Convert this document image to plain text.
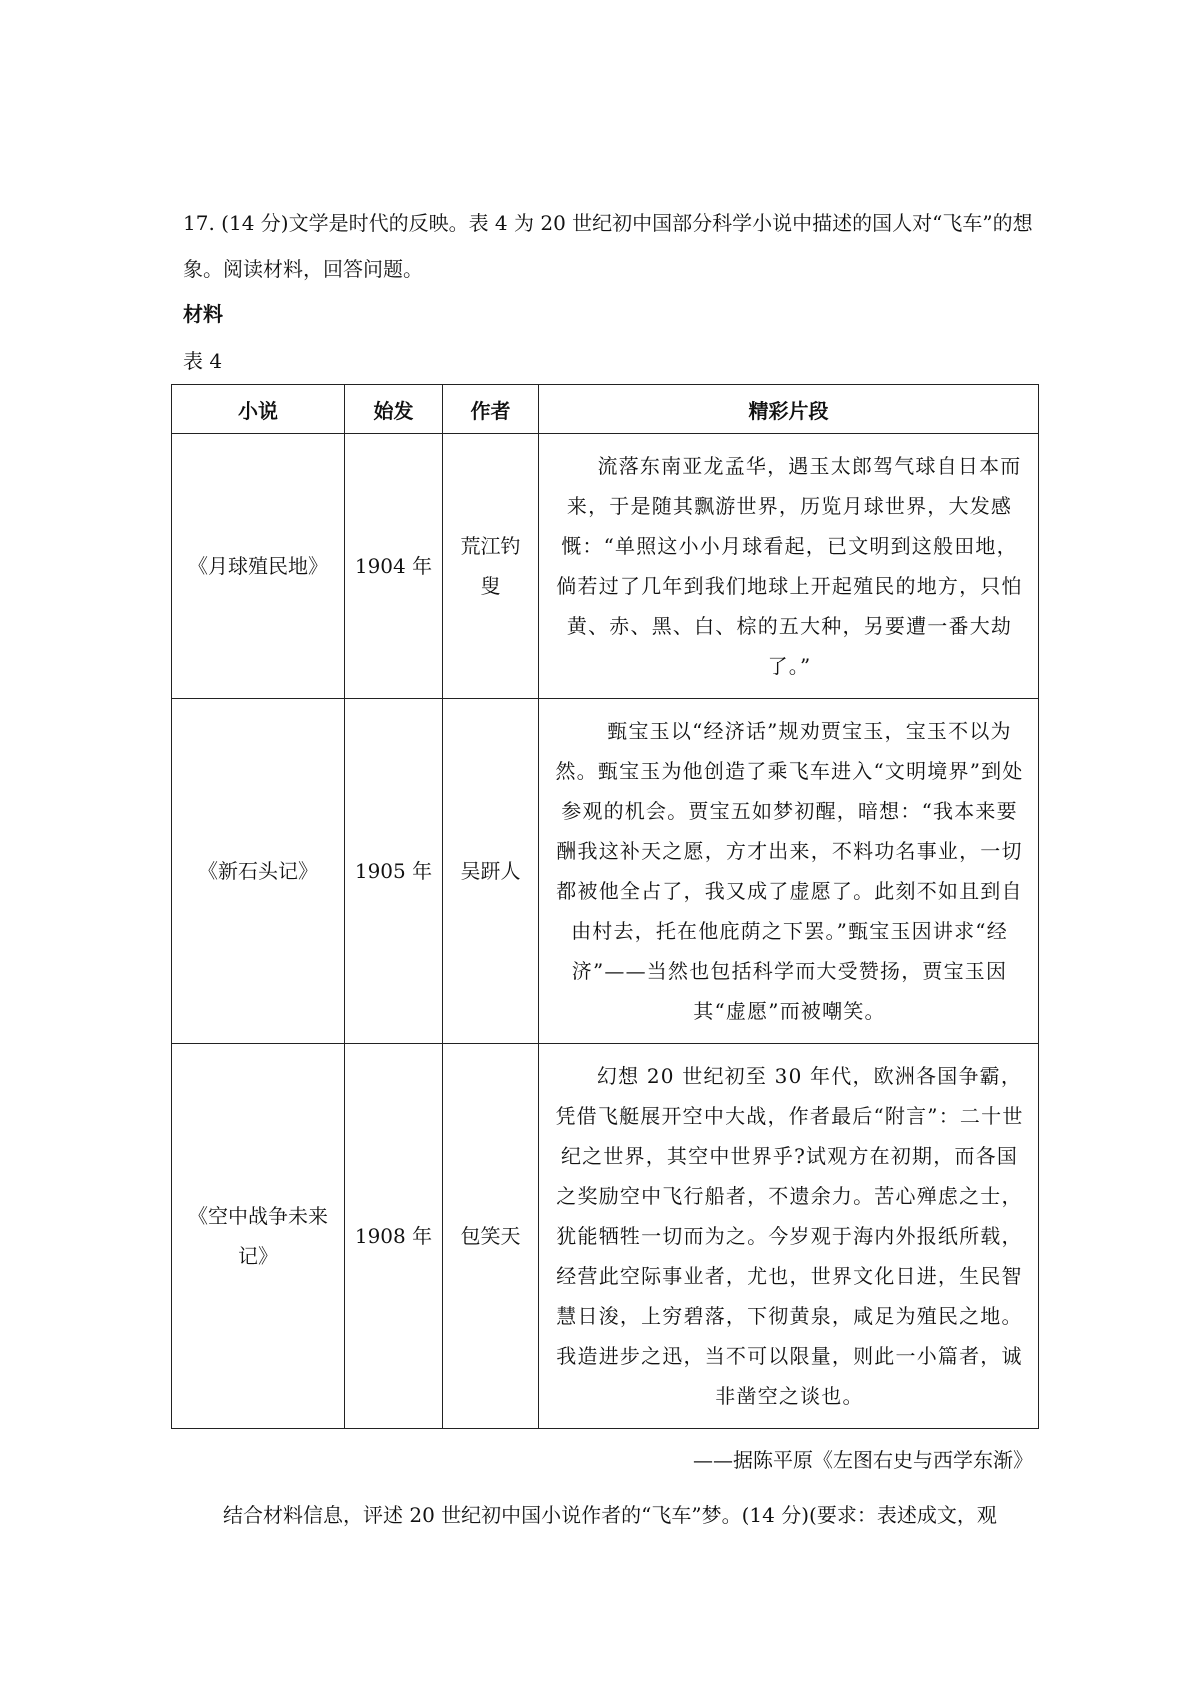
17. (14 分)文学是时代的反映。表 4 为 20 世纪初中国部分科学小说中描述的国人对“飞车”的想象。阅读材料，回答问题。

材料

表 4

小说	始发	作者	精彩片段
《月球殖民地》	1904 年	荒江钓叟	流落东南亚龙孟华，遇玉太郎驾气球自日本而来，于是随其飘游世界，历览月球世界，大发感慨：“单照这小小月球看起，已文明到这般田地，倘若过了几年到我们地球上开起殖民的地方，只怕黄、赤、黑、白、棕的五大种，另要遭一番大劫了。”
《新石头记》	1905 年	吴趼人	甄宝玉以“经济话”规劝贾宝玉，宝玉不以为然。甄宝玉为他创造了乘飞车进入“文明境界”到处参观的机会。贾宝五如梦初醒，暗想：“我本来要酬我这补天之愿，方才出来，不料功名事业，一切都被他全占了，我又成了虚愿了。此刻不如且到自由村去，托在他庇荫之下罢。”甄宝玉因讲求“经济”——当然也包括科学而大受赞扬，贾宝玉因其“虚愿”而被嘲笑。
《空中战争未来记》	1908 年	包笑天	幻想 20 世纪初至 30 年代，欧洲各国争霸，凭借飞艇展开空中大战，作者最后“附言”：二十世纪之世界，其空中世界乎?试观方在初期，而各国之奖励空中飞行船者，不遗余力。苦心殚虑之士，犹能牺牲一切而为之。今岁观于海内外报纸所载，经营此空际事业者，尤也，世界文化日进，生民智慧日浚，上穷碧落，下彻黄泉，咸足为殖民之地。我造进步之迅，当不可以限量，则此一小篇者，诚非凿空之谈也。

——据陈平原《左图右史与西学东渐》

结合材料信息，评述 20 世纪初中国小说作者的“飞车”梦。(14 分)(要求：表述成文，观
